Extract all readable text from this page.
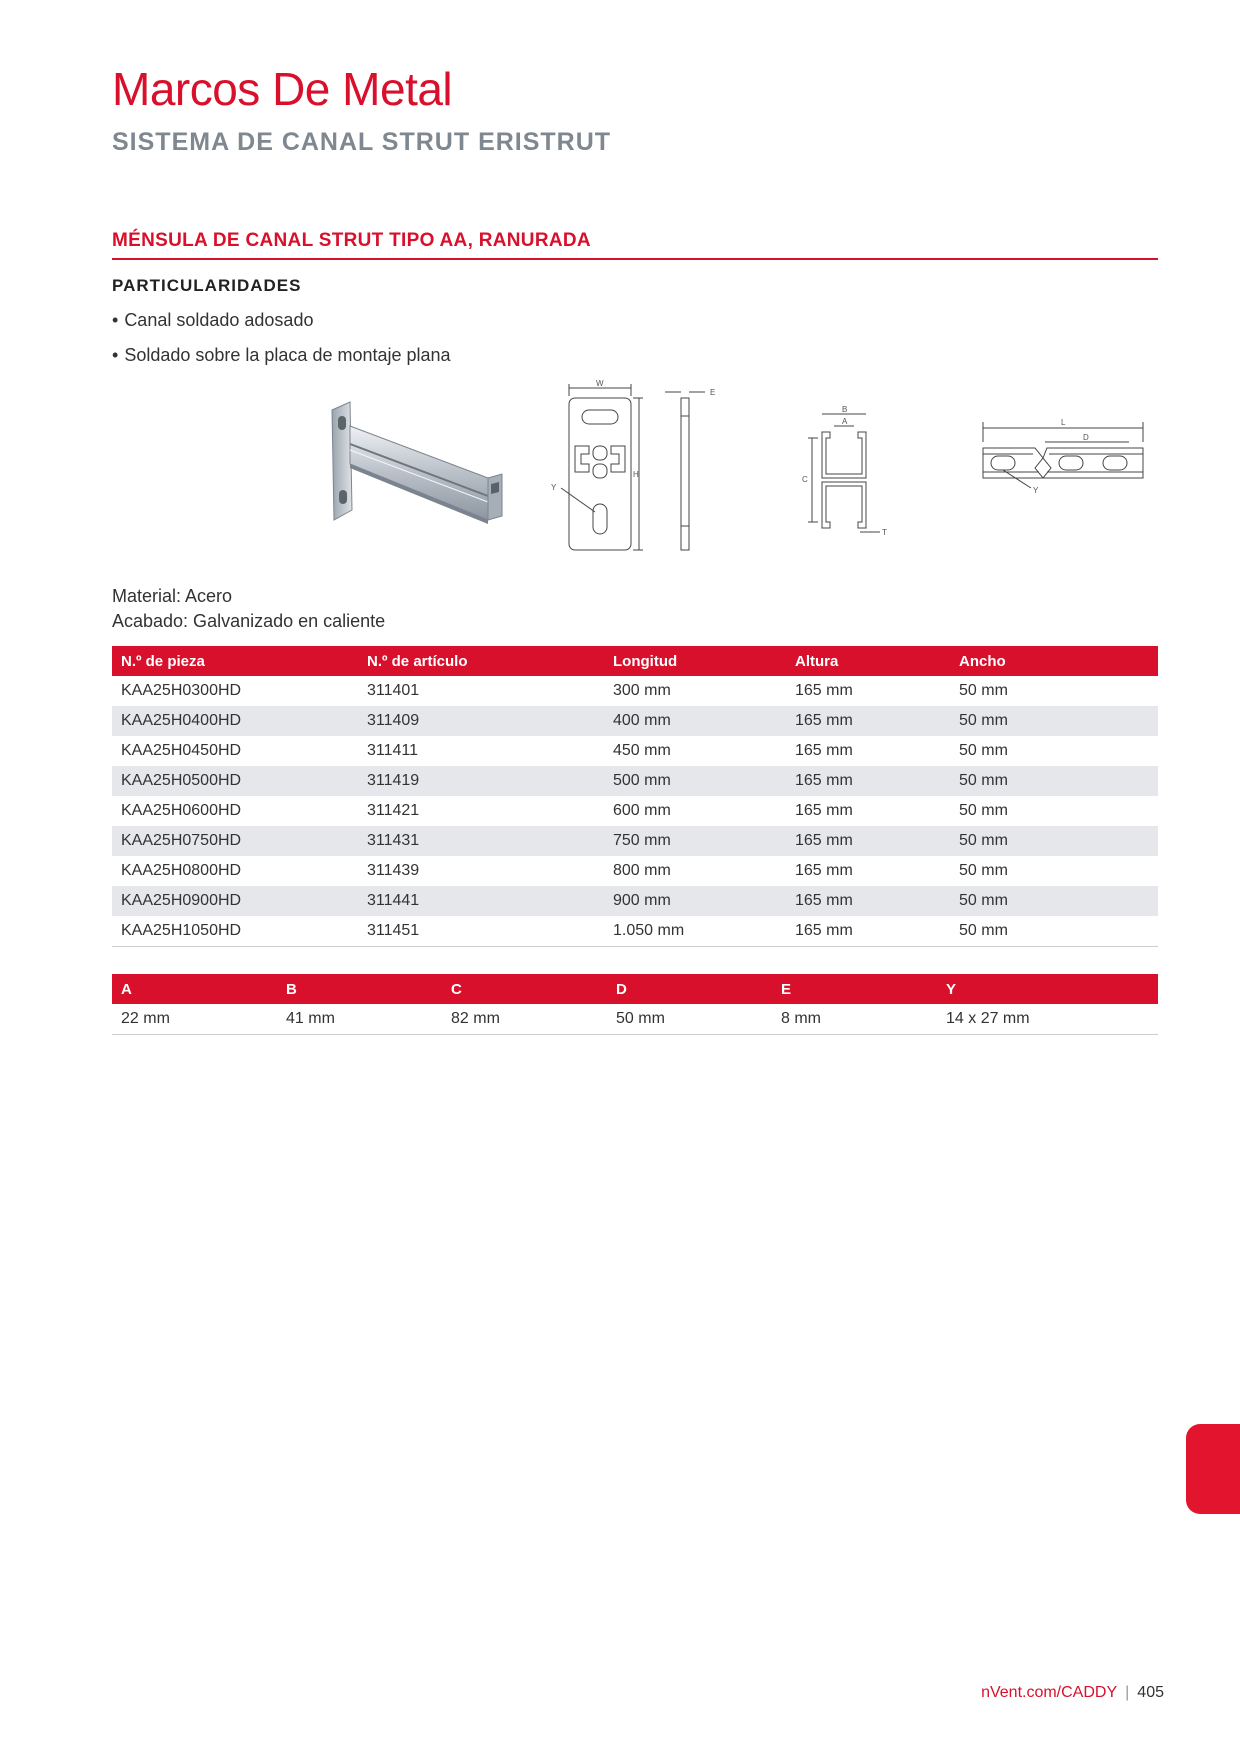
Marcos De Metal
SISTEMA DE CANAL STRUT ERISTRUT
MÉNSULA DE CANAL STRUT TIPO AA, RANURADA
PARTICULARIDADES
• Canal soldado adosado
• Soldado sobre la placa de montaje plana
W
E
H
Y
B
A
C
T
L
D
Y
Material: Acero
Acabado: Galvanizado en caliente
N.º de pieza	N.º de artículo	Longitud	Altura	Ancho
KAA25H0300HD	311401	300 mm	165 mm	50 mm
KAA25H0400HD	311409	400 mm	165 mm	50 mm
KAA25H0450HD	311411	450 mm	165 mm	50 mm
KAA25H0500HD	311419	500 mm	165 mm	50 mm
KAA25H0600HD	311421	600 mm	165 mm	50 mm
KAA25H0750HD	311431	750 mm	165 mm	50 mm
KAA25H0800HD	311439	800 mm	165 mm	50 mm
KAA25H0900HD	311441	900 mm	165 mm	50 mm
KAA25H1050HD	311451	1.050 mm	165 mm	50 mm
A	B	C	D	E	Y
22 mm	41 mm	82 mm	50 mm	8 mm	14 x 27 mm
nVent.com/CADDY | 405
